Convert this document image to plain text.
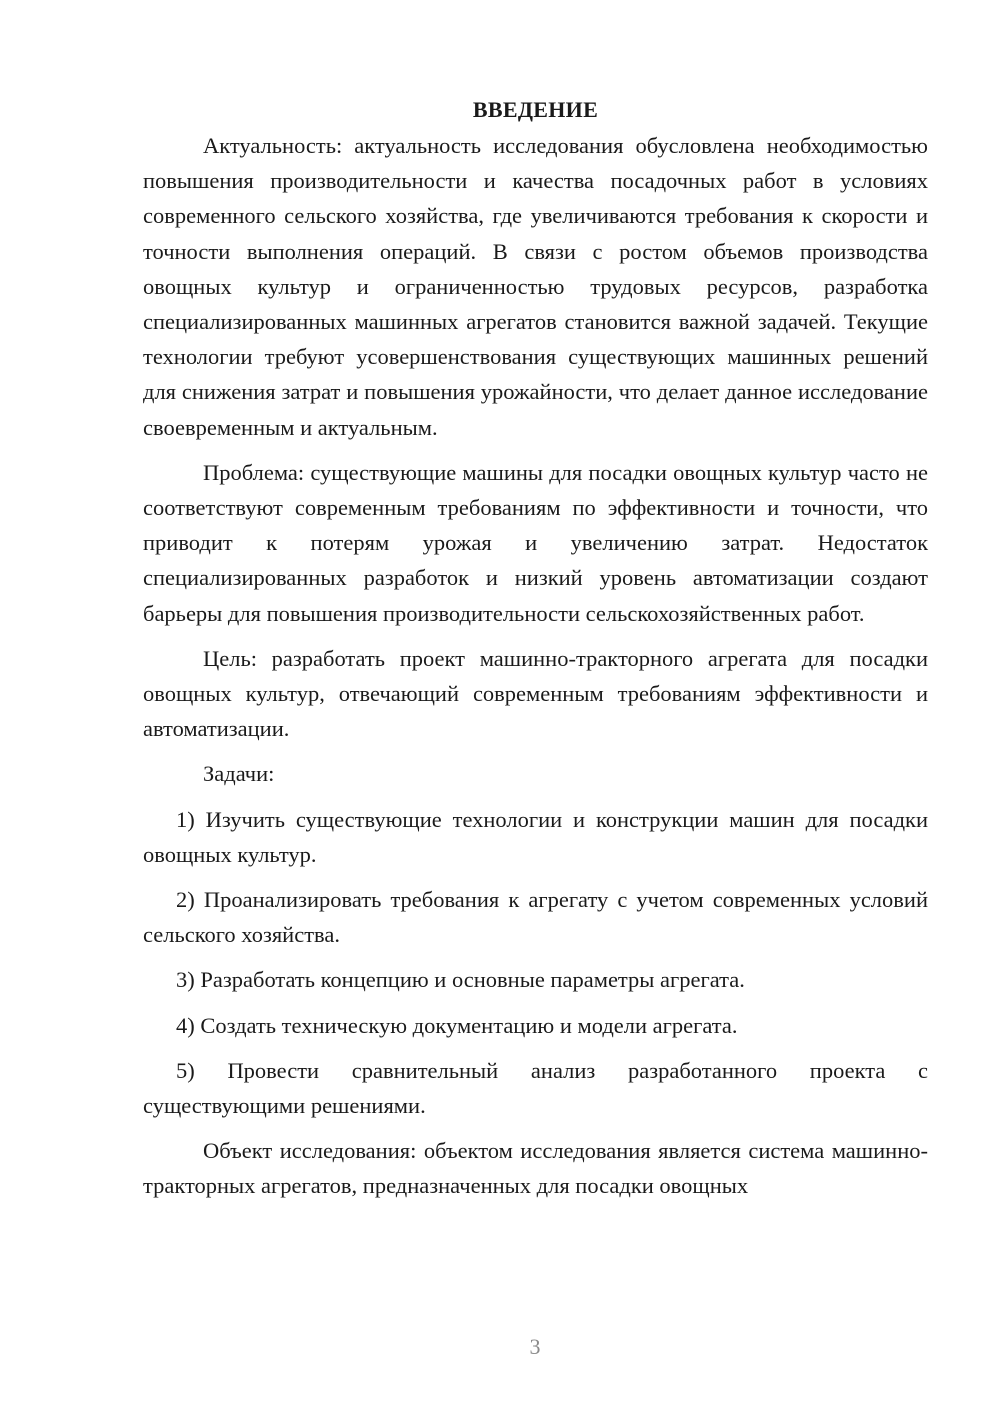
ВВЕДЕНИЕ

Актуальность: актуальность исследования обусловлена необходимостью повышения производительности и качества посадочных работ в условиях современного сельского хозяйства, где увеличиваются требования к скорости и точности выполнения операций. В связи с ростом объемов производства овощных культур и ограниченностью трудовых ресурсов, разработка специализированных машинных агрегатов становится важной задачей. Текущие технологии требуют усовершенствования существующих машинных решений для снижения затрат и повышения урожайности, что делает данное исследование своевременным и актуальным.

Проблема: существующие машины для посадки овощных культур часто не соответствуют современным требованиям по эффективности и точности, что приводит к потерям урожая и увеличению затрат. Недостаток специализированных разработок и низкий уровень автоматизации создают барьеры для повышения производительности сельскохозяйственных работ.

Цель: разработать проект машинно-тракторного агрегата для посадки овощных культур, отвечающий современным требованиям эффективности и автоматизации.

Задачи:

1) Изучить существующие технологии и конструкции машин для посадки овощных культур.

2) Проанализировать требования к агрегату с учетом современных условий сельского хозяйства.

3) Разработать концепцию и основные параметры агрегата.

4) Создать техническую документацию и модели агрегата.

5) Провести сравнительный анализ разработанного проекта с существующими решениями.

Объект исследования: объектом исследования является система машинно-тракторных агрегатов, предназначенных для посадки овощных

3
